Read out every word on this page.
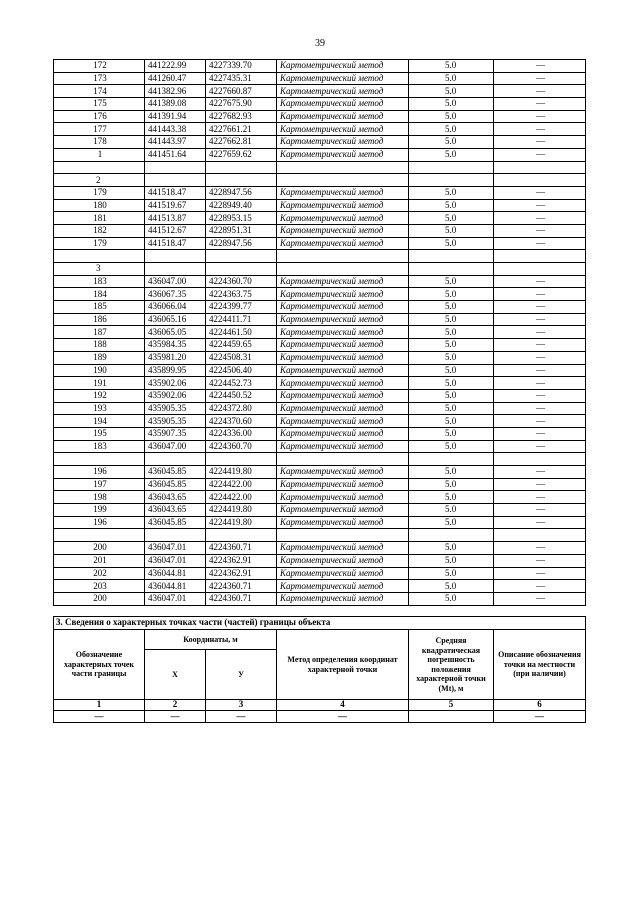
39
172	441222.99	4227339.70	Картометрический метод	5.0	—
173	441260.47	4227435.31	Картометрический метод	5.0	—
174	441382.96	4227660.87	Картометрический метод	5.0	—
175	441389.08	4227675.90	Картометрический метод	5.0	—
176	441391.94	4227682.93	Картометрический метод	5.0	—
177	441443.38	4227661.21	Картометрический метод	5.0	—
178	441443.97	4227662.81	Картометрический метод	5.0	—
1	441451.64	4227659.62	Картометрический метод	5.0	—

2					
179	441518.47	4228947.56	Картометрический метод	5.0	—
180	441519.67	4228949.40	Картометрический метод	5.0	—
181	441513.87	4228953.15	Картометрический метод	5.0	—
182	441512.67	4228951.31	Картометрический метод	5.0	—
179	441518.47	4228947.56	Картометрический метод	5.0	—

3					
183	436047.00	4224360.70	Картометрический метод	5.0	—
184	436067.35	4224363.75	Картометрический метод	5.0	—
185	436066.04	4224399.77	Картометрический метод	5.0	—
186	436065.16	4224411.71	Картометрический метод	5.0	—
187	436065.05	4224461.50	Картометрический метод	5.0	—
188	435984.35	4224459.65	Картометрический метод	5.0	—
189	435981.20	4224508.31	Картометрический метод	5.0	—
190	435899.95	4224506.40	Картометрический метод	5.0	—
191	435902.06	4224452.73	Картометрический метод	5.0	—
192	435902.06	4224450.52	Картометрический метод	5.0	—
193	435905.35	4224372.80	Картометрический метод	5.0	—
194	435905.35	4224370.60	Картометрический метод	5.0	—
195	435907.35	4224336.00	Картометрический метод	5.0	—
183	436047.00	4224360.70	Картометрический метод	5.0	—

196	436045.85	4224419.80	Картометрический метод	5.0	—
197	436045.85	4224422.00	Картометрический метод	5.0	—
198	436043.65	4224422.00	Картометрический метод	5.0	—
199	436043.65	4224419.80	Картометрический метод	5.0	—
196	436045.85	4224419.80	Картометрический метод	5.0	—

200	436047.01	4224360.71	Картометрический метод	5.0	—
201	436047.01	4224362.91	Картометрический метод	5.0	—
202	436044.81	4224362.91	Картометрический метод	5.0	—
203	436044.81	4224360.71	Картометрический метод	5.0	—
200	436047.01	4224360.71	Картометрический метод	5.0	—
3. Сведения о характерных точках части (частей) границы объекта					
Обозначение характерных точек части границы	Координаты, м		Метод определения координат характерной точки	Средняя квадратическая погрешность положения характерной точки (Mt), м	Описание обозначения точки на местности (при наличии)
	X	У			
1	2	3	4	5	6
—	—	—	—		—
